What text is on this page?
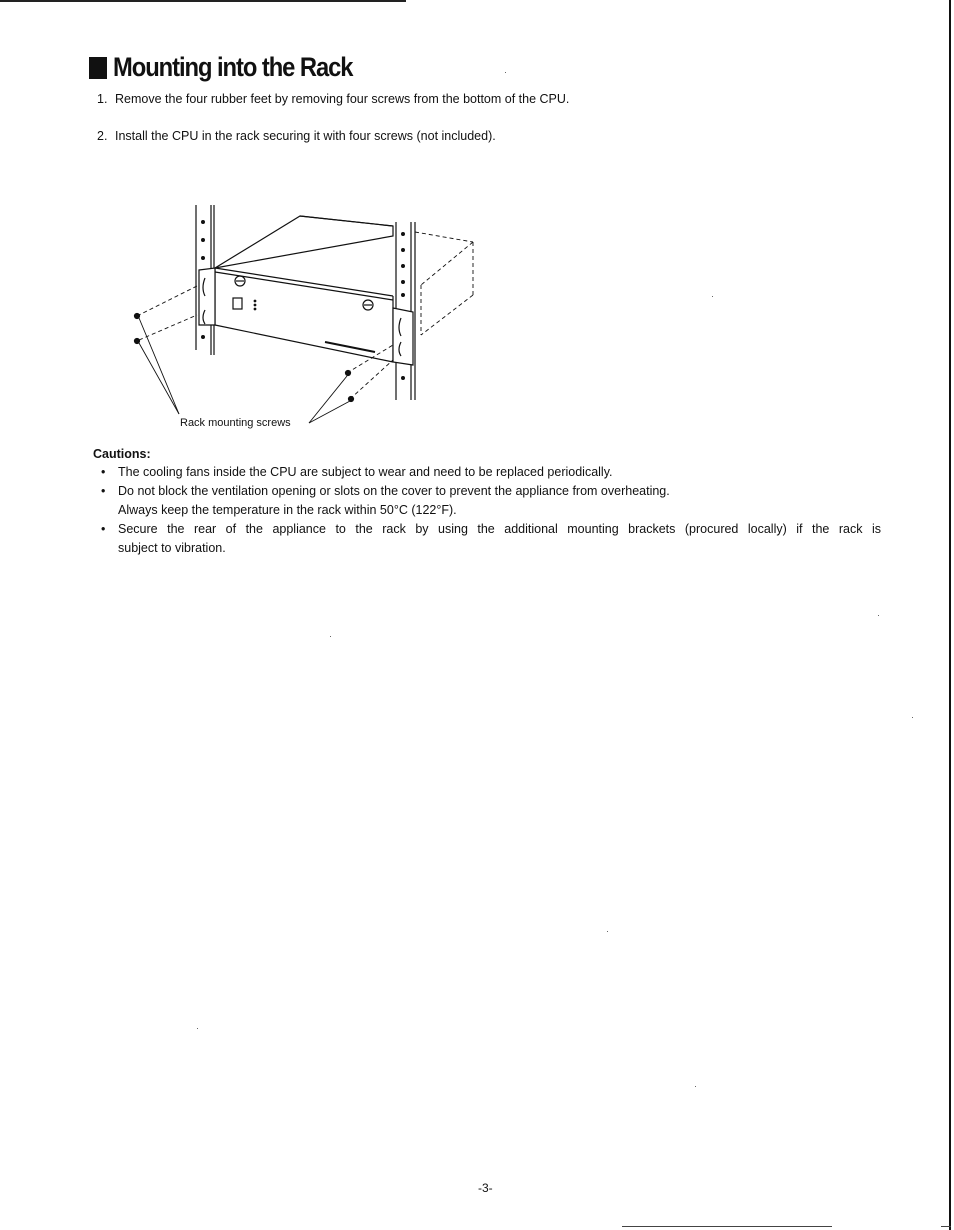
Mounting into the Rack
1. Remove the four rubber feet by removing four screws from the bottom of the CPU.
2. Install the CPU in the rack securing it with four screws (not included).
Rack mounting screws
Cautions:
• The cooling fans inside the CPU are subject to wear and need to be replaced periodically.
• Do not block the ventilation opening or slots on the cover to prevent the appliance from overheating.
Always keep the temperature in the rack within 50°C (122°F).
• Secure the rear of the appliance to the rack by using the additional mounting brackets (procured locally) if the rack is
subject to vibration.
-3-
